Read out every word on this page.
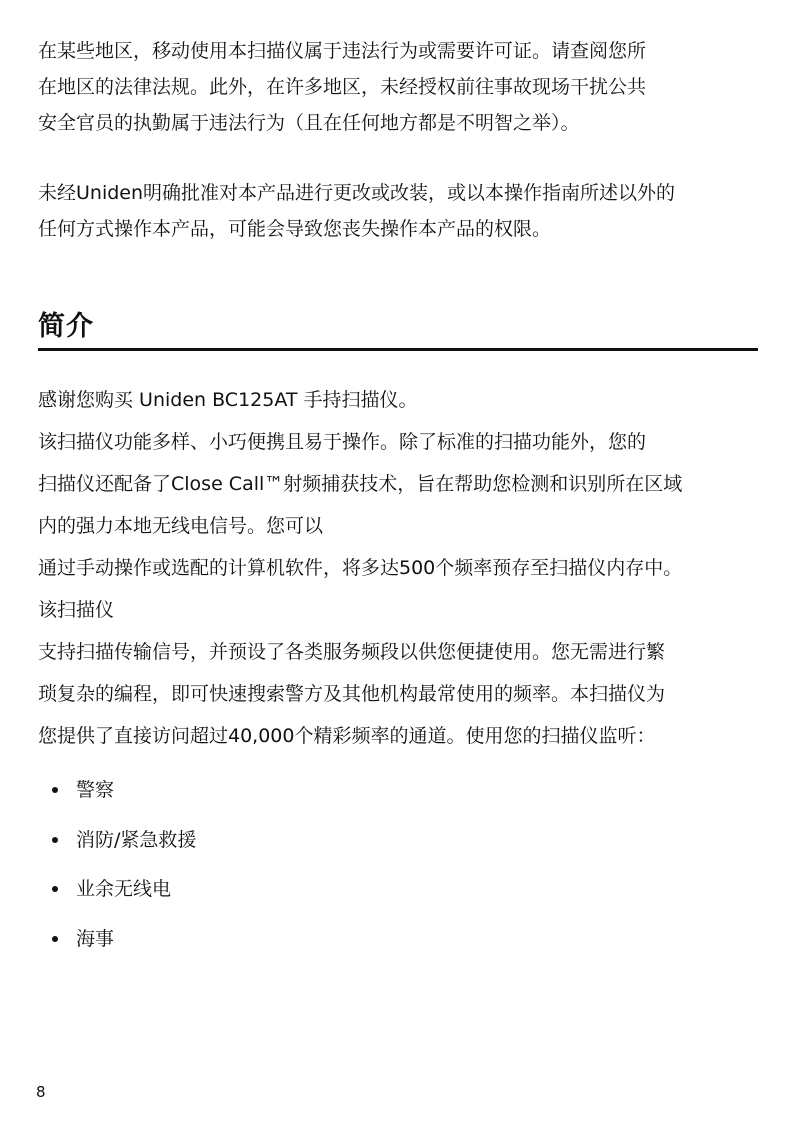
在某些地区，移动使用本扫描仪属于违法行为或需要许可证。请查阅您所
在地区的法律法规。此外，在许多地区，未经授权前往事故现场干扰公共
安全官员的执勤属于违法行为（且在任何地方都是不明智之举）。

未经Uniden明确批准对本产品进行更改或改装，或以本操作指南所述以外的
任何方式操作本产品，可能会导致您丧失操作本产品的权限。

简介

感谢您购买 Uniden BC125AT 手持扫描仪。
该扫描仪功能多样、小巧便携且易于操作。除了标准的扫描功能外，您的
扫描仪还配备了Close Call™射频捕获技术，旨在帮助您检测和识别所在区域
内的强力本地无线电信号。您可以
通过手动操作或选配的计算机软件，将多达500个频率预存至扫描仪内存中。
该扫描仪
支持扫描传输信号，并预设了各类服务频段以供您便捷使用。您无需进行繁
琐复杂的编程，即可快速搜索警方及其他机构最常使用的频率。本扫描仪为
您提供了直接访问超过40,000个精彩频率的通道。使用您的扫描仪监听：

警察
消防/紧急救援
业余无线电
海事
8
